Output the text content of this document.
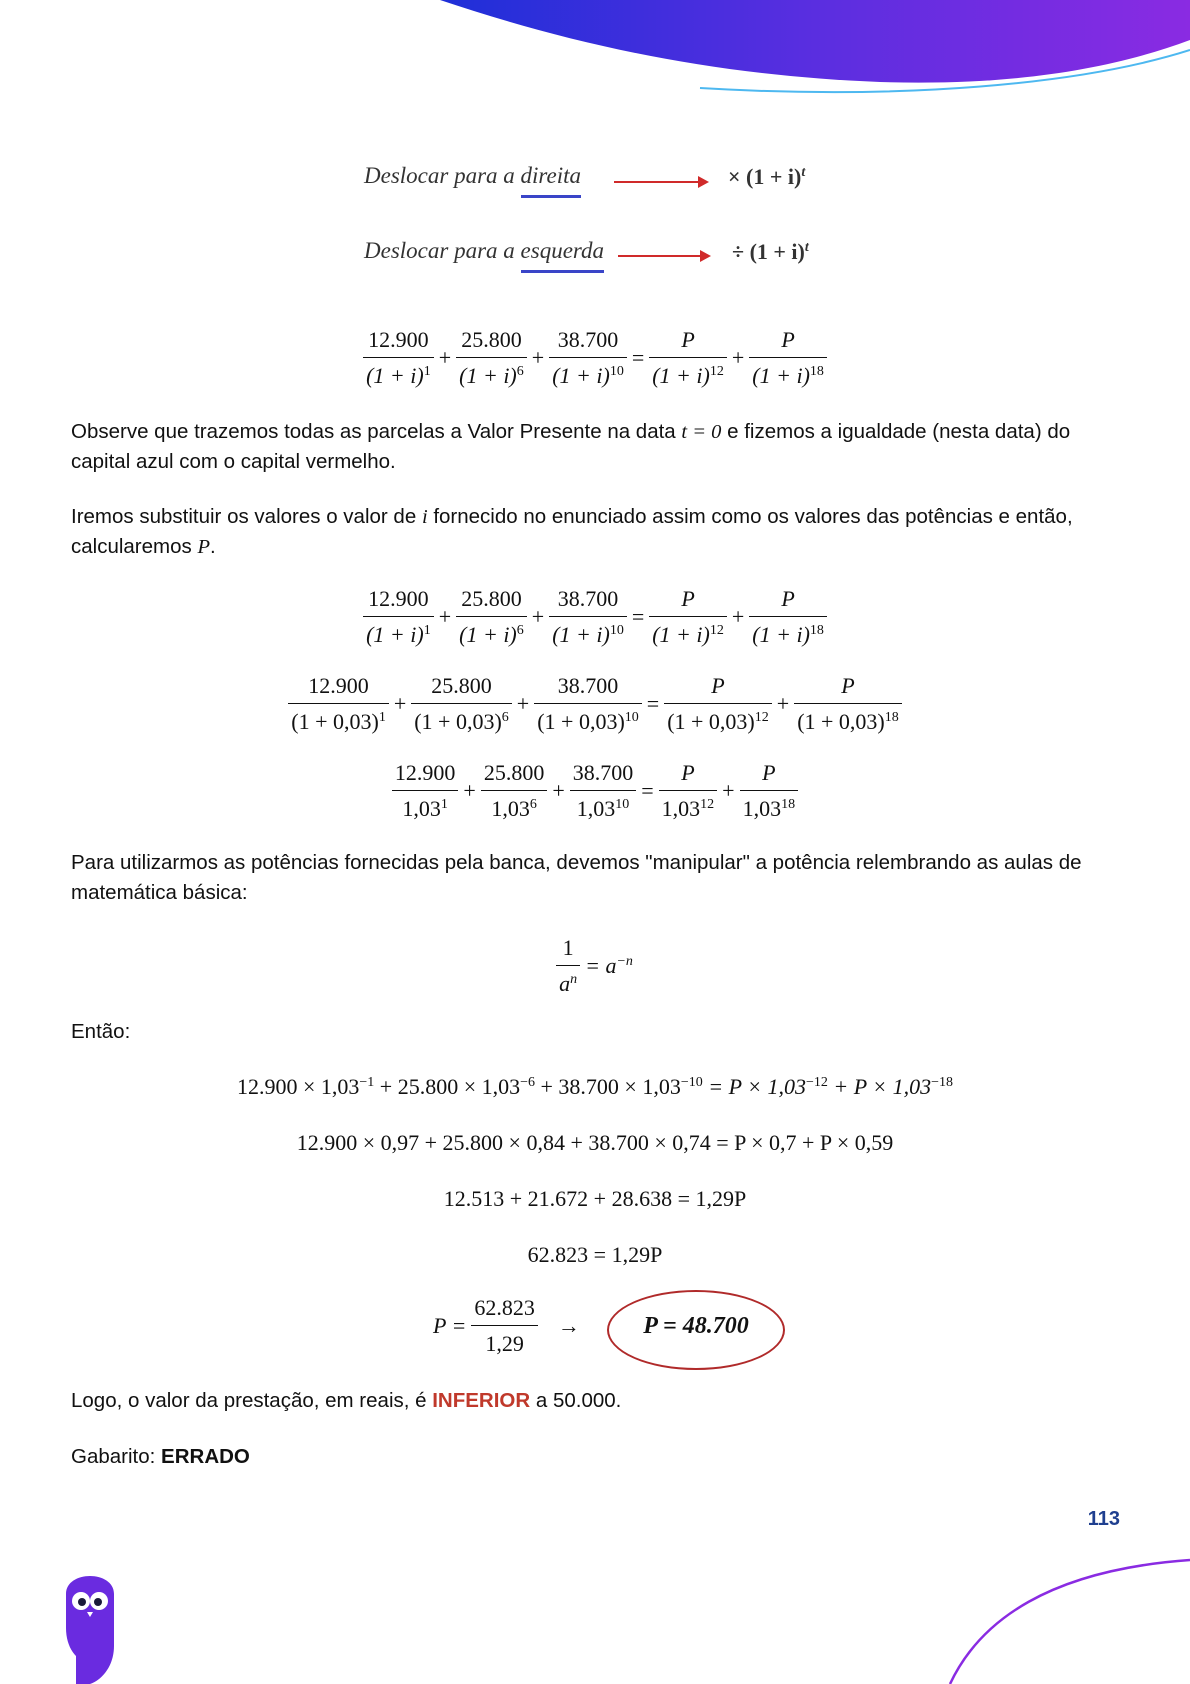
Deslocar para a direita	× $(1 + i)^t$
Deslocar para a esquerda	÷ $(1 + i)^t$
$\frac{12.900}{(1 + i)^1} + \frac{25.800}{(1 + i)^6} + \frac{38.700}{(1 + i)^{10}} = \frac{P}{(1 + i)^{12}} + \frac{P}{(1 + i)^{18}}$
Observe que trazemos todas as parcelas a Valor Presente na data t = 0 e fizemos a igualdade (nesta data) do capital azul com o capital vermelho.
Iremos substituir os valores o valor de i fornecido no enunciado assim como os valores das potências e então, calcularemos P.
$\frac{12.900}{(1 + i)^1} + \frac{25.800}{(1 + i)^6} + \frac{38.700}{(1 + i)^{10}} = \frac{P}{(1 + i)^{12}} + \frac{P}{(1 + i)^{18}}$
$\frac{12.900}{(1 + 0,03)^1} + \frac{25.800}{(1 + 0,03)^6} + \frac{38.700}{(1 + 0,03)^{10}} = \frac{P}{(1 + 0,03)^{12}} + \frac{P}{(1 + 0,03)^{18}}$
$\frac{12.900}{1,03^1} + \frac{25.800}{1,03^6} + \frac{38.700}{1,03^{10}} = \frac{P}{1,03^{12}} + \frac{P}{1,03^{18}}$
Para utilizarmos as potências fornecidas pela banca, devemos "manipular" a potência relembrando as aulas de matemática básica:
$\frac{1}{a^n} = a^{-n}$
Então:
$12.900 \times 1,03^{-1} + 25.800 \times 1,03^{-6} + 38.700 \times 1,03^{-10} = P \times 1,03^{-12} + P \times 1,03^{-18}$
12.900 × 0,97 + 25.800 × 0,84 + 38.700 × 0,74 = P × 0,7 + P × 0,59
12.513 + 21.672 + 28.638 = 1,29P
62.823 = 1,29P
$P = \frac{62.823}{1,29}$ →	P = 48.700
Logo, o valor da prestação, em reais, é INFERIOR a 50.000.
Gabarito: ERRADO
113
